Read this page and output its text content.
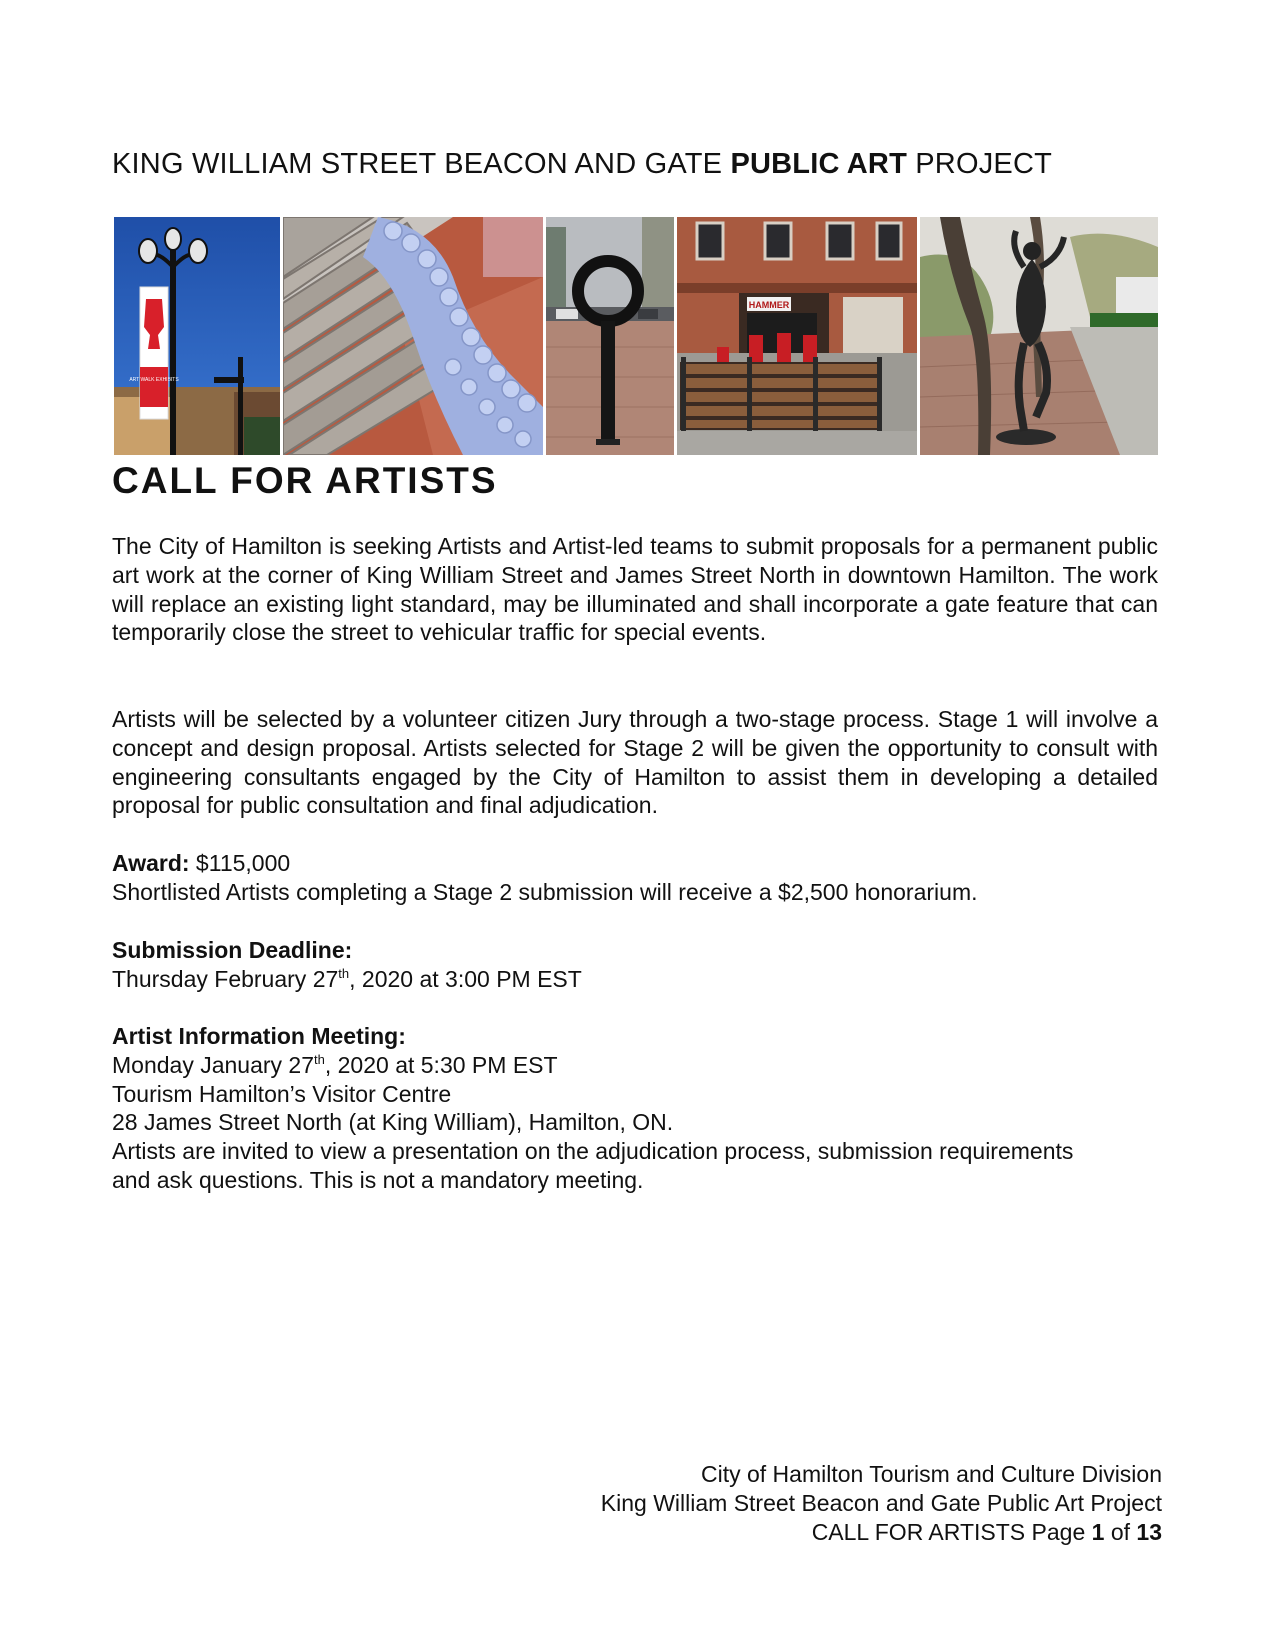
KING WILLIAM STREET BEACON AND GATE PUBLIC ART PROJECT
ART WALK EXHIBITS
HAMMER
CALL FOR ARTISTS

The City of Hamilton is seeking Artists and Artist-led teams to submit proposals for a permanent public art work at the corner of King William Street and James Street North in downtown Hamilton. The work will replace an existing light standard, may be illuminated and shall incorporate a gate feature that can temporarily close the street to vehicular traffic for special events.

Artists will be selected by a volunteer citizen Jury through a two-stage process. Stage 1 will involve a concept and design proposal. Artists selected for Stage 2 will be given the opportunity to consult with engineering consultants engaged by the City of Hamilton to assist them in developing a detailed proposal for public consultation and final adjudication.

Award: $115,000
Shortlisted Artists completing a Stage 2 submission will receive a $2,500 honorarium.
Submission Deadline:
Thursday February 27th, 2020 at 3:00 PM EST
Artist Information Meeting:
Monday January 27th, 2020 at 5:30 PM EST
Tourism Hamilton’s Visitor Centre
28 James Street North (at King William), Hamilton, ON.
Artists are invited to view a presentation on the adjudication process, submission requirements
and ask questions. This is not a mandatory meeting.
City of Hamilton Tourism and Culture Division
King William Street Beacon and Gate Public Art Project
CALL FOR ARTISTS Page 1 of 13
